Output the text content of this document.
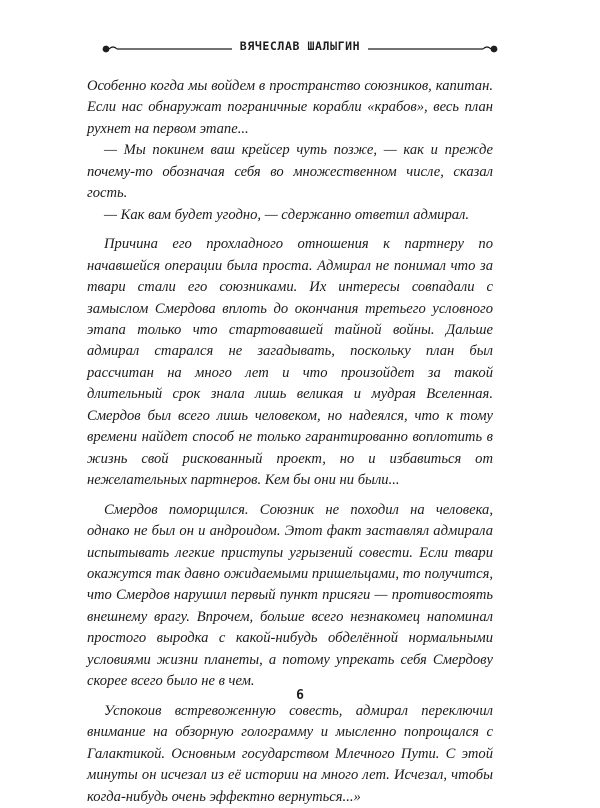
ВЯЧЕСЛАВ ШАЛЫГИН

Особенно когда мы войдем в пространство союзников, капитан. Если нас обнаружат пограничные корабли «крабов», весь план рухнет на первом этапе...

— Мы покинем ваш крейсер чуть позже, — как и прежде почему-то обозначая себя во множественном числе, сказал гость.

— Как вам будет угодно, — сдержанно ответил адмирал.

Причина его прохладного отношения к партнеру по начавшейся операции была проста. Адмирал не понимал что за твари стали его союзниками. Их интересы совпадали с замыслом Смердова вплоть до окончания третьего условного этапа только что стартовавшей тайной войны. Дальше адмирал старался не загадывать, поскольку план был рассчитан на много лет и что произойдет за такой длительный срок знала лишь великая и мудрая Вселенная. Смердов был всего лишь человеком, но надеялся, что к тому времени найдет способ не только гарантированно воплотить в жизнь свой рискованный проект, но и избавиться от нежелательных партнеров. Кем бы они ни были...

Смердов поморщился. Союзник не походил на человека, однако не был он и андроидом. Этот факт заставлял адмирала испытывать легкие приступы угрызений совести. Если твари окажутся так давно ожидаемыми пришельцами, то получится, что Смердов нарушил первый пункт присяги — противостоять внешнему врагу. Впрочем, больше всего незнакомец напоминал простого выродка с какой-нибудь обделённой нормальными условиями жизни планеты, а потому упрекать себя Смердову скорее всего было не в чем.

Успокоив встревоженную совесть, адмирал переключил внимание на обзорную голограмму и мысленно попрощался с Галактикой. Основным государством Млечного Пути. С этой минуты он исчезал из её истории на много лет. Исчезал, чтобы когда-нибудь очень эффектно вернуться...»

6
